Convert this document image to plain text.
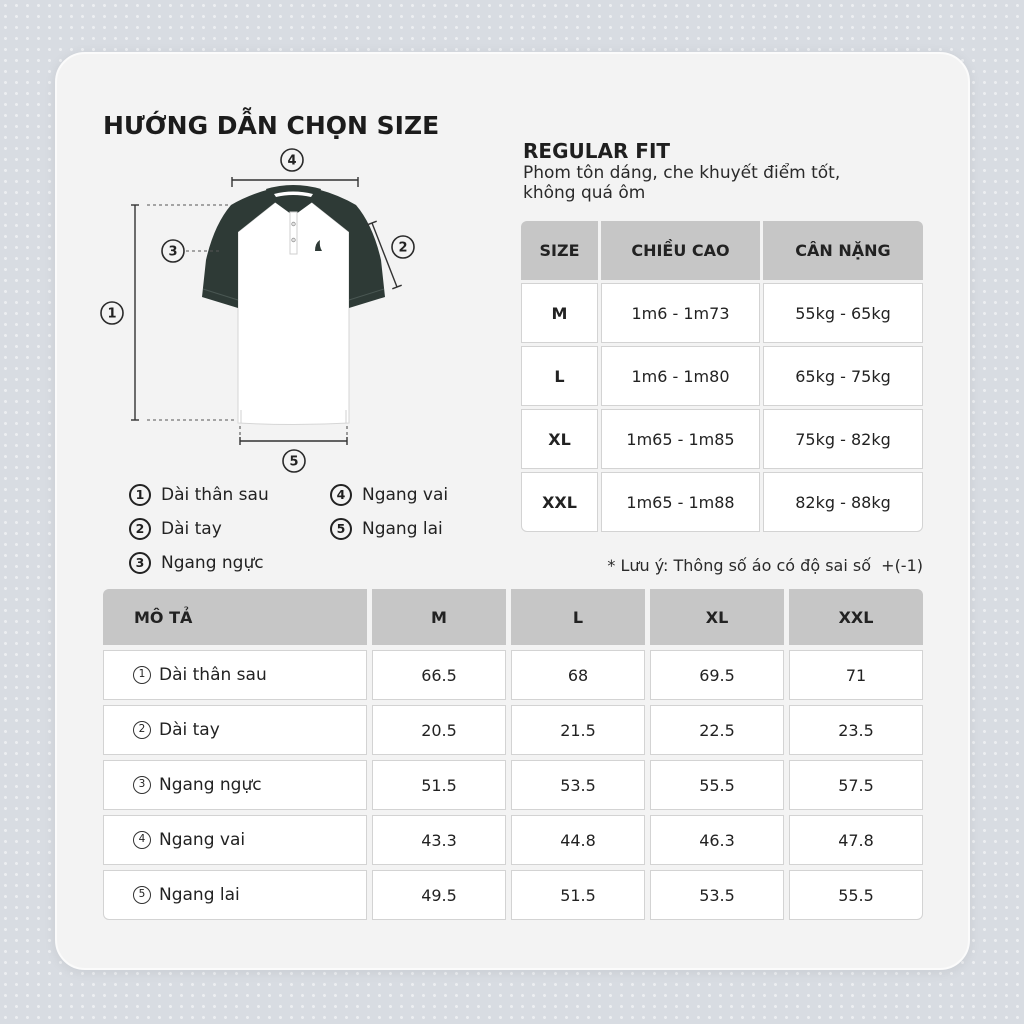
HƯỚNG DẪN CHỌN SIZE
4
1
3	2
5
1 Dài thân sau
2 Dài tay
3 Ngang ngực
4 Ngang vai
5 Ngang lai
REGULAR FIT
Phom tôn dáng, che khuyết điểm tốt,
không quá ôm
SIZE	CHIỀU CAO	CÂN NẶNG
M	1m6 - 1m73	55kg - 65kg
L	1m6 - 1m80	65kg - 75kg
XL	1m65 - 1m85	75kg - 82kg
XXL	1m65 - 1m88	82kg - 88kg
* Lưu ý: Thông số áo có độ sai số  +(-1)
MÔ TẢ	M	L	XL	XXL
1 Dài thân sau	66.5	68	69.5	71
2 Dài tay	20.5	21.5	22.5	23.5
3 Ngang ngực	51.5	53.5	55.5	57.5
4 Ngang vai	43.3	44.8	46.3	47.8
5 Ngang lai	49.5	51.5	53.5	55.5
